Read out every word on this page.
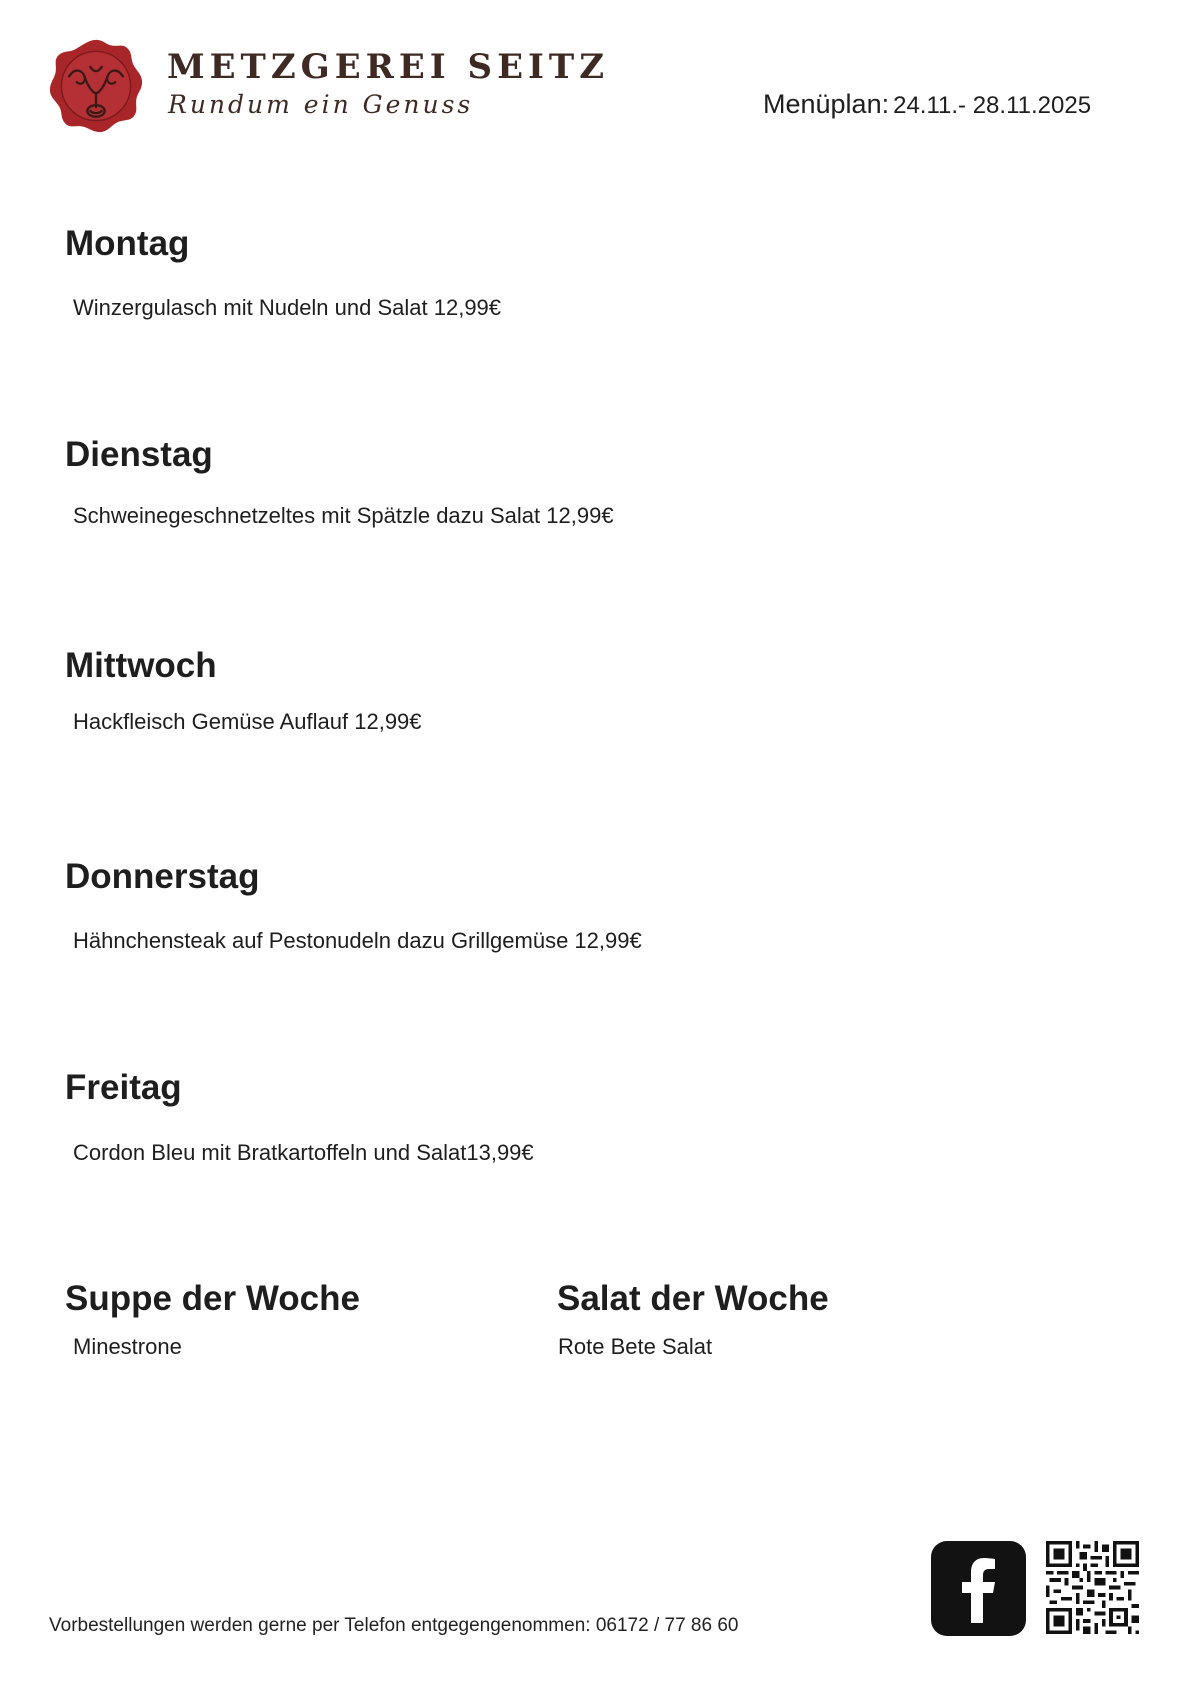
METZGEREI SEITZ
Rundum ein Genuss	Menüplan: 24.11.- 28.11.2025
Montag
Winzergulasch mit Nudeln und Salat 12,99€
Dienstag
Schweinegeschnetzeltes mit Spätzle dazu Salat 12,99€
Mittwoch
Hackfleisch Gemüse Auflauf 12,99€
Donnerstag
Hähnchensteak auf Pestonudeln dazu Grillgemüse 12,99€
Freitag
Cordon Bleu mit Bratkartoffeln und Salat13,99€
Suppe der Woche
Minestrone
Salat der Woche
Rote Bete Salat
Vorbestellungen werden gerne per Telefon entgegengenommen: 06172 / 77 86 60
